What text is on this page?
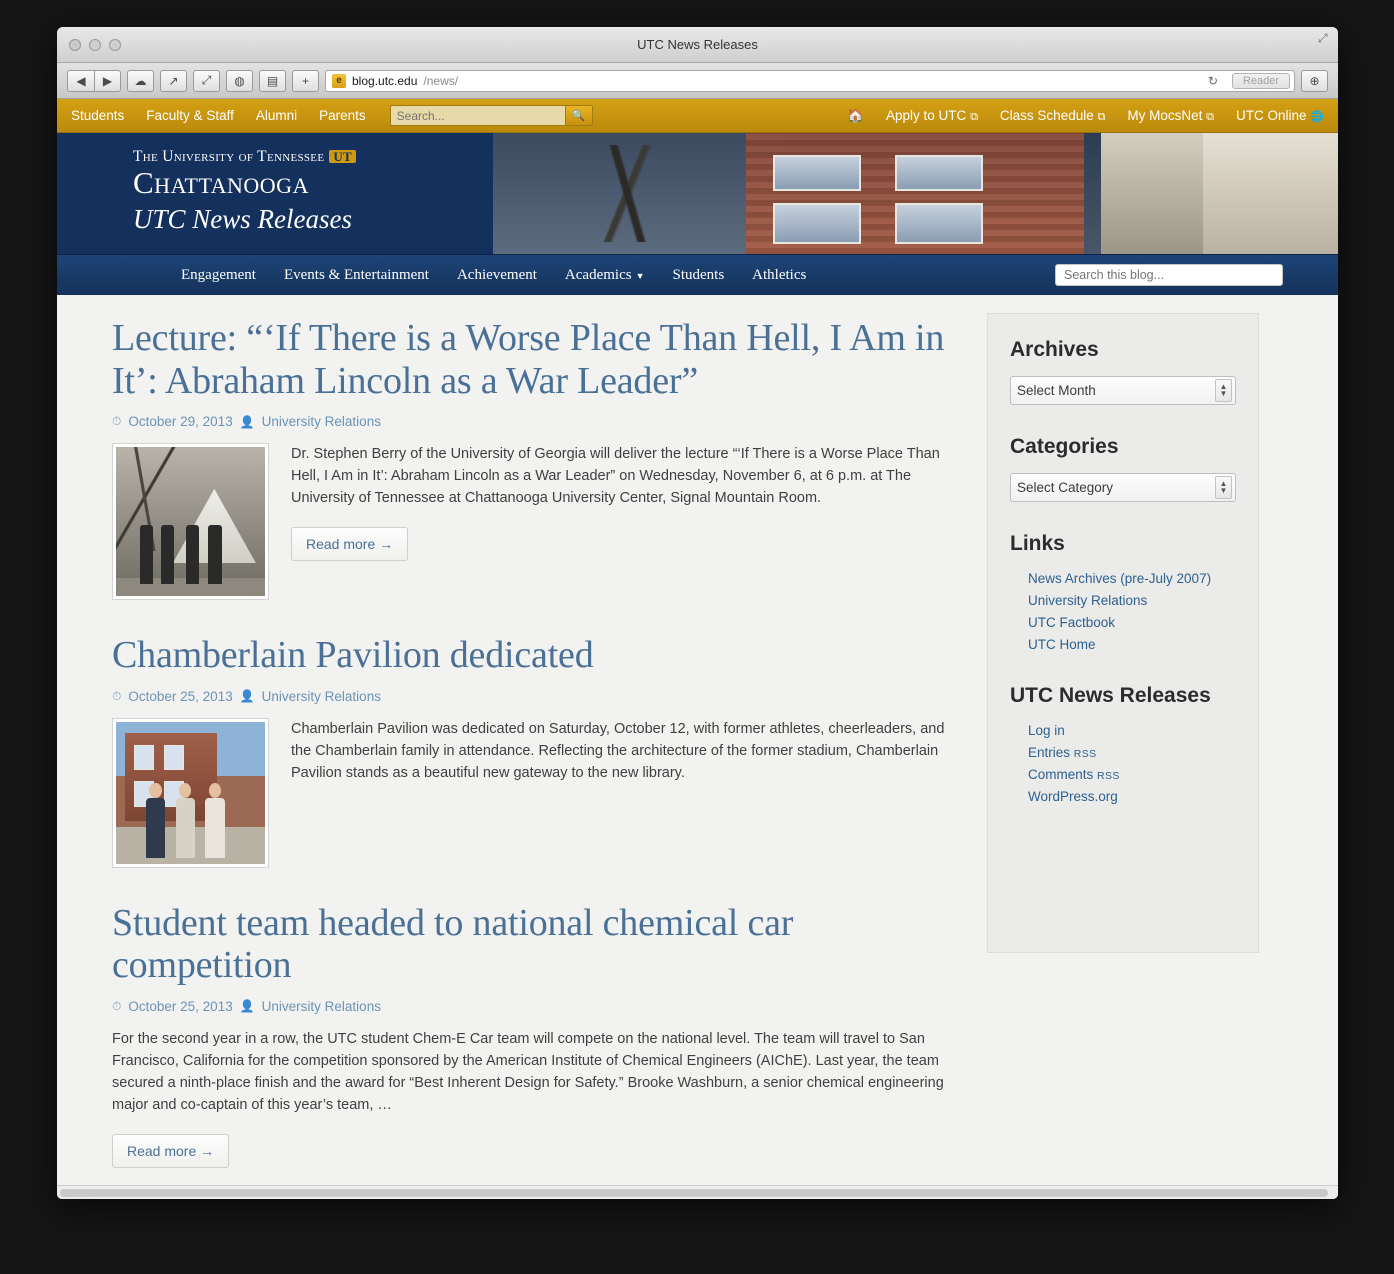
UTC News Releases	⤢
◀	▶	☁	↗	⤢	◍	▤	+	e blog.utc.edu /news/	↻	Reader	⊕
Students Faculty & Staff Alumni Parents
Search...	🔍	🏠 Apply to UTC ⧉ Class Schedule ⧉ My MocsNet ⧉ UTC Online 🌐
The University of Tennessee UT
Chattanooga
UTC News Releases
Engagement	Events & Entertainment	Achievement	Academics ▼	Students	Athletics
Search this blog...
Lecture: “‘If There is a Worse Place Than Hell, I Am in It’: Abraham Lincoln as a War Leader”
⏱ October 29, 2013 👤 University Relations

Dr. Stephen Berry of the University of Georgia will deliver the lecture “‘If There is a Worse Place Than Hell, I Am in It’: Abraham Lincoln as a War Leader” on Wednesday, November 6, at 6 p.m. at The University of Tennessee at Chattanooga University Center, Signal Mountain Room.

Read more →
Chamberlain Pavilion dedicated
⏱ October 25, 2013 👤 University Relations

Chamberlain Pavilion was dedicated on Saturday, October 12, with former athletes, cheerleaders, and the Chamberlain family in attendance. Reflecting the architecture of the former stadium, Chamberlain Pavilion stands as a beautiful new gateway to the new library.

Student team headed to national chemical car competition
⏱ October 25, 2013 👤 University Relations

For the second year in a row, the UTC student Chem-E Car team will compete on the national level. The team will travel to San Francisco, California for the competition sponsored by the American Institute of Chemical Engineers (AIChE). Last year, the team secured a ninth-place finish and the award for “Best Inherent Design for Safety.” Brooke Washburn, a senior chemical engineering major and co-captain of this year’s team, …

Read more →
Archives
Select Month	▲
▼
Categories
Select Category	▲
▼
Links
News Archives (pre-July 2007)
University Relations
UTC Factbook
UTC Home
UTC News Releases
Log in
Entries RSS
Comments RSS
WordPress.org
